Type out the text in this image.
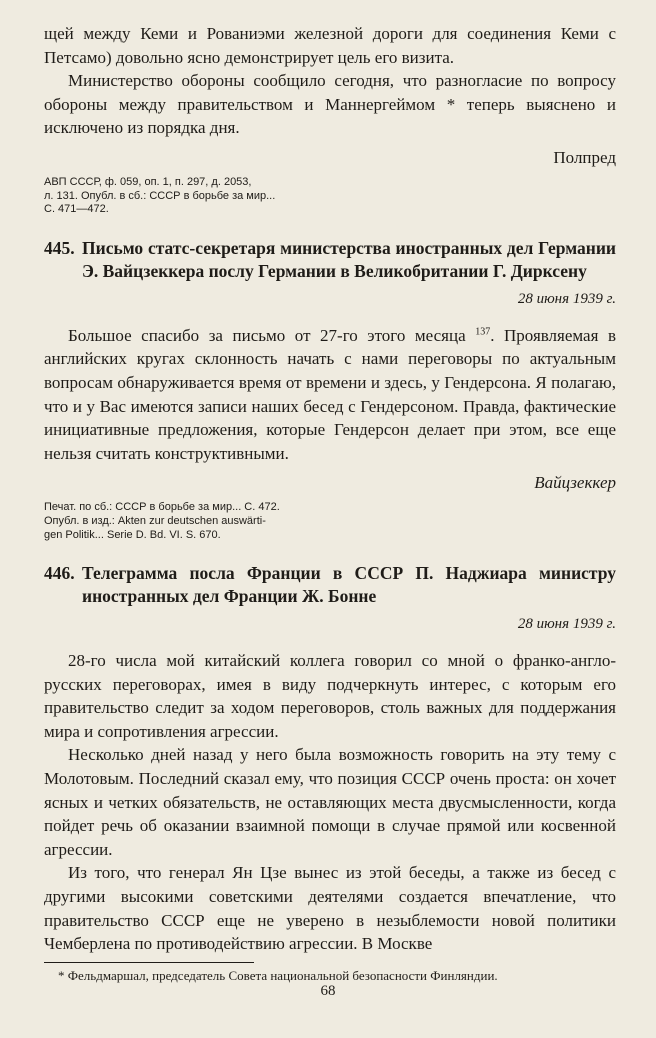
щей между Кеми и Рованиэми железной дороги для соединения Кеми с Петсамо) довольно ясно демонстрирует цель его визита.

Министерство обороны сообщило сегодня, что разногласие по вопросу обороны между правительством и Маннергеймом * теперь выяснено и исключено из порядка дня.

Полпред

АВП СССР, ф. 059, оп. 1, п. 297, д. 2053,
л. 131. Опубл. в сб.: СССР в борьбе за мир...
С. 471—472.
445. Письмо статс-секретаря министерства иностранных дел Германии Э. Вайцзеккера послу Германии в Великобритании Г. Дирксену
28 июня 1939 г.

Большое спасибо за письмо от 27-го этого месяца $^{137}$. Проявляемая в английских кругах склонность начать с нами переговоры по актуальным вопросам обнаруживается время от времени и здесь, у Гендерсона. Я полагаю, что и у Вас имеются записи наших бесед с Гендерсоном. Правда, фактические инициативные предложения, которые Гендерсон делает при этом, все еще нельзя считать конструктивными.

Вайцзеккер

Печат. по сб.: СССР в борьбе за мир... С. 472.
Опубл. в изд.: Akten zur deutschen auswärti-
gen Politik... Serie D. Bd. VI. S. 670.
446. Телеграмма посла Франции в СССР П. Наджиара министру иностранных дел Франции Ж. Бонне
28 июня 1939 г.

28-го числа мой китайский коллега говорил со мной о франко-англо-русских переговорах, имея в виду подчеркнуть интерес, с которым его правительство следит за ходом переговоров, столь важных для поддержания мира и сопротивления агрессии.

Несколько дней назад у него была возможность говорить на эту тему с Молотовым. Последний сказал ему, что позиция СССР очень проста: он хочет ясных и четких обязательств, не оставляющих места двусмысленности, когда пойдет речь об оказании взаимной помощи в случае прямой или косвенной агрессии.

Из того, что генерал Ян Цзе вынес из этой беседы, а также из бесед с другими высокими советскими деятелями создается впечатление, что правительство СССР еще не уверено в незыблемости новой политики Чемберлена по противодействию агрессии. В Москве

* Фельдмаршал, председатель Совета национальной безопасности Финляндии.

68
